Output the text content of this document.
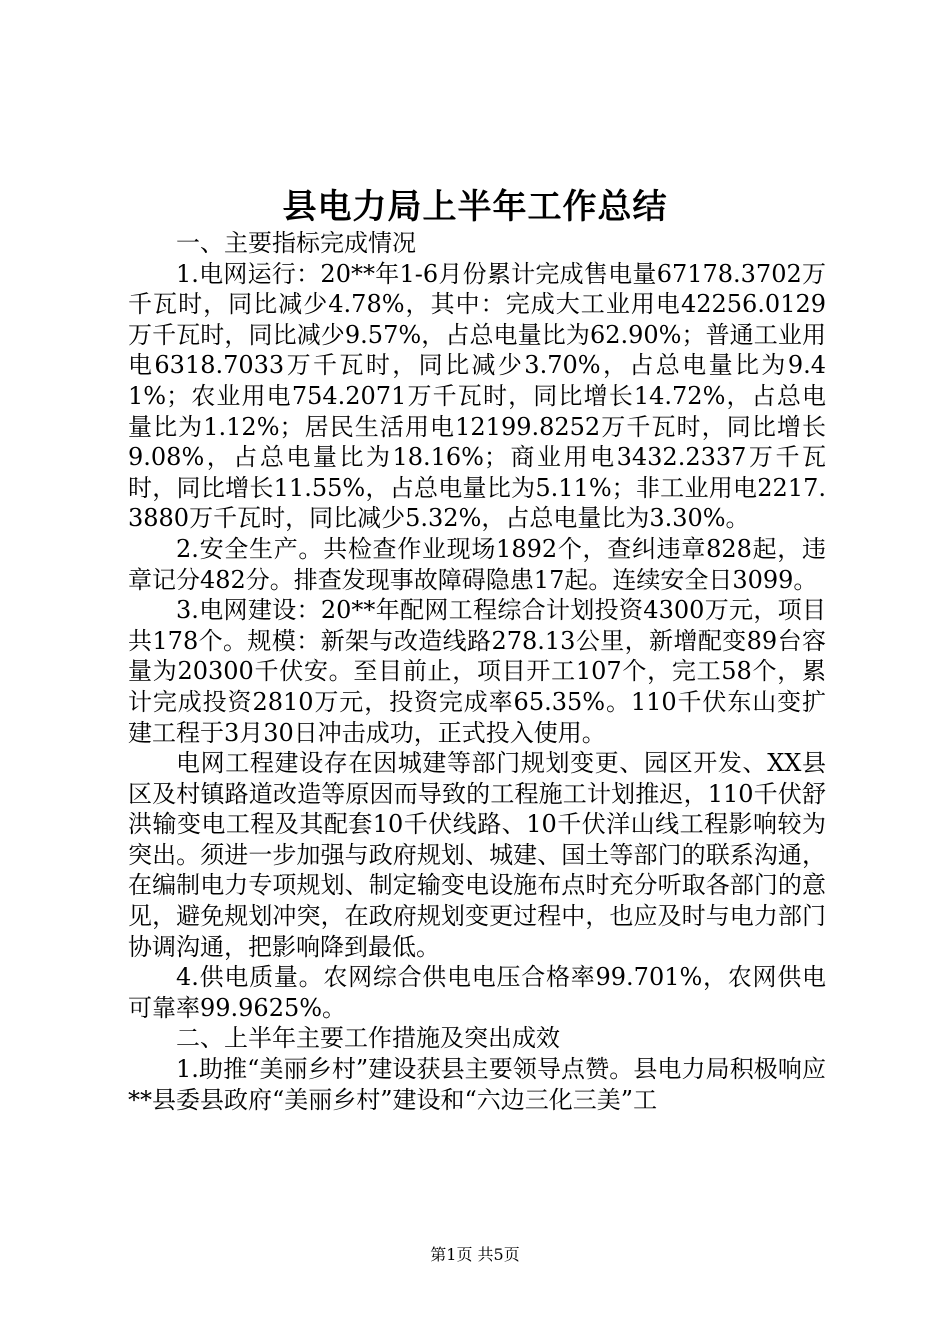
县电力局上半年工作总结

一、主要指标完成情况

1.电网运行：20**年1-6月份累计完成售电量67178.3702万千瓦时，同比减少4.78%，其中：完成大工业用电42256.0129万千瓦时，同比减少9.57%，占总电量比为62.90%；普通工业用电6318.7033万千瓦时，同比减少3.70%，占总电量比为9.41%；农业用电754.2071万千瓦时，同比增长14.72%，占总电量比为1.12%；居民生活用电12199.8252万千瓦时，同比增长9.08%，占总电量比为18.16%；商业用电3432.2337万千瓦时，同比增长11.55%，占总电量比为5.11%；非工业用电2217.3880万千瓦时，同比减少5.32%，占总电量比为3.30%。

2.安全生产。共检查作业现场1892个，查纠违章828起，违章记分482分。排查发现事故障碍隐患17起。连续安全日3099。

3.电网建设：20**年配网工程综合计划投资4300万元，项目共178个。规模：新架与改造线路278.13公里，新增配变89台容量为20300千伏安。至目前止，项目开工107个，完工58个，累计完成投资2810万元，投资完成率65.35%。110千伏东山变扩建工程于3月30日冲击成功，正式投入使用。

电网工程建设存在因城建等部门规划变更、园区开发、XX县区及村镇路道改造等原因而导致的工程施工计划推迟，110千伏舒洪输变电工程及其配套10千伏线路、10千伏洋山线工程影响较为突出。须进一步加强与政府规划、城建、国土等部门的联系沟通，在编制电力专项规划、制定输变电设施布点时充分听取各部门的意见，避免规划冲突，在政府规划变更过程中，也应及时与电力部门协调沟通，把影响降到最低。

4.供电质量。农网综合供电电压合格率99.701%，农网供电可靠率99.9625%。

二、上半年主要工作措施及突出成效

1.助推“美丽乡村”建设获县主要领导点赞。县电力局积极响应**县委县政府“美丽乡村”建设和“六边三化三美”工

第1页 共5页
